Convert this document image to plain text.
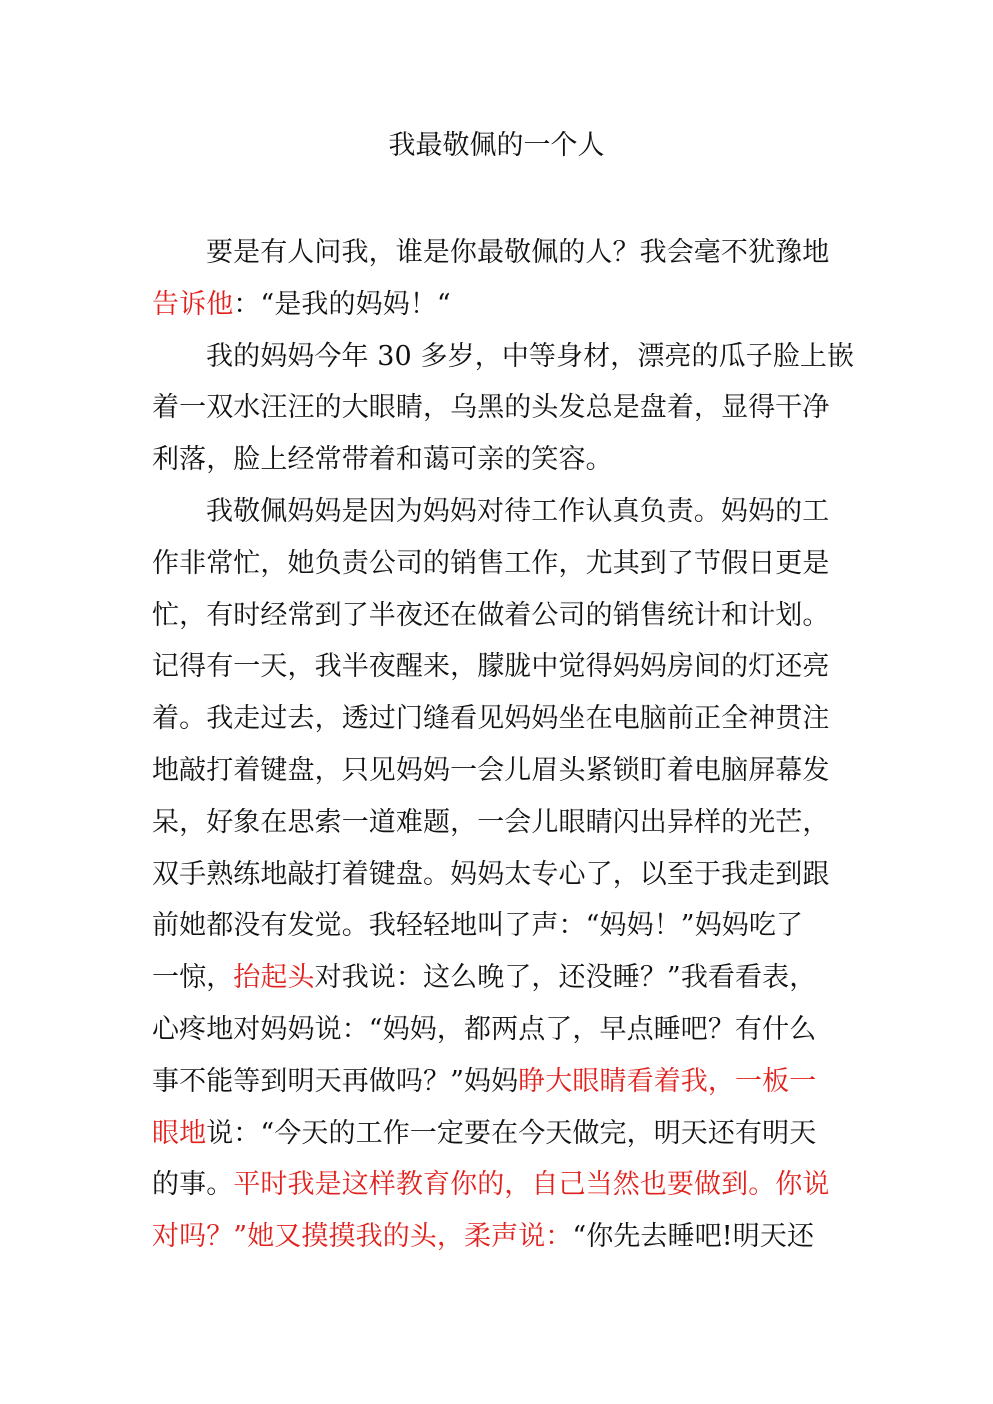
我最敬佩的一个人
要是有人问我，谁是你最敬佩的人？我会毫不犹豫地
告诉他：“是我的妈妈！“
我的妈妈今年 30 多岁，中等身材，漂亮的瓜子脸上嵌
着一双水汪汪的大眼睛，乌黑的头发总是盘着，显得干净
利落，脸上经常带着和蔼可亲的笑容。
我敬佩妈妈是因为妈妈对待工作认真负责。妈妈的工
作非常忙，她负责公司的销售工作，尤其到了节假日更是
忙，有时经常到了半夜还在做着公司的销售统计和计划。
记得有一天，我半夜醒来，朦胧中觉得妈妈房间的灯还亮
着。我走过去，透过门缝看见妈妈坐在电脑前正全神贯注
地敲打着键盘，只见妈妈一会儿眉头紧锁盯着电脑屏幕发
呆，好象在思索一道难题，一会儿眼睛闪出异样的光芒，
双手熟练地敲打着键盘。妈妈太专心了，以至于我走到跟
前她都没有发觉。我轻轻地叫了声：“妈妈！”妈妈吃了
一惊，抬起头对我说：这么晚了，还没睡？”我看看表，
心疼地对妈妈说：“妈妈，都两点了，早点睡吧？有什么
事不能等到明天再做吗？”妈妈睁大眼睛看着我，一板一
眼地说：“今天的工作一定要在今天做完，明天还有明天
的事。平时我是这样教育你的，自己当然也要做到。你说
对吗？”她又摸摸我的头，柔声说：“你先去睡吧!明天还
